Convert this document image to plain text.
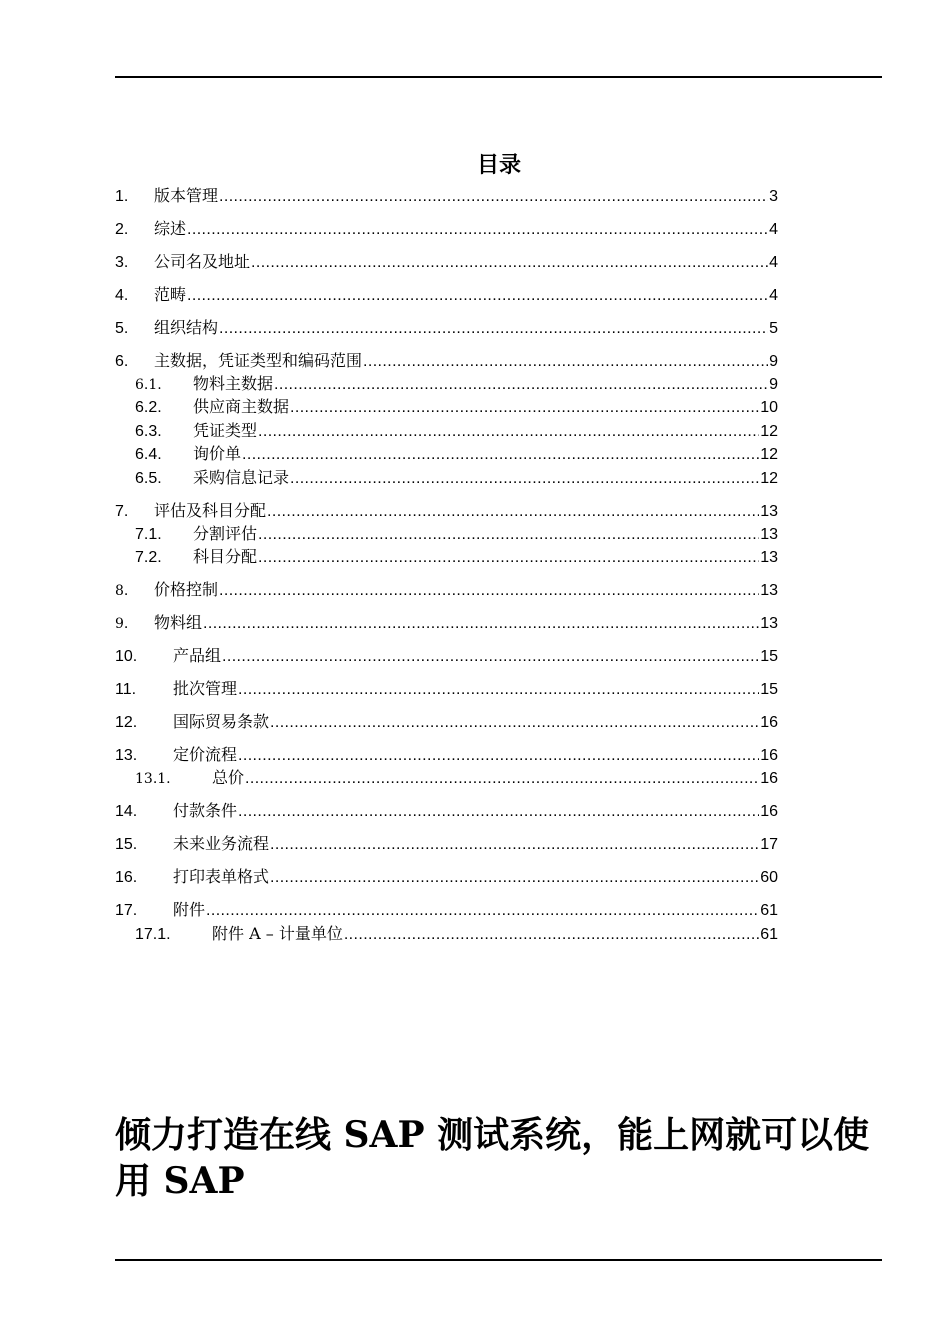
目录
1.	版本管理 .....	3
2.	综述 .....	4
3.	公司名及地址 .....	4
4.	范畴 .....	4
5.	组织结构 .....	5
6.	主数据，凭证类型和编码范围 .....	9
6.1.	物料主数据 .....	9
6.2.	供应商主数据 .....	10
6.3.	凭证类型 .....	12
6.4.	询价单 .....	12
6.5.	采购信息记录 .....	12
7.	评估及科目分配 .....	13
7.1.	分割评估 .....	13
7.2.	科目分配 .....	13
8.	价格控制 .....	13
9.	物料组 .....	13
10.	产品组 .....	15
11.	批次管理 .....	15
12.	国际贸易条款 .....	16
13.	定价流程 .....	16
13.1.	总价 .....	16
14.	付款条件 .....	16
15.	未来业务流程 .....	17
16.	打印表单格式 .....	60
17.	附件 .....	61
17.1.	附件 A – 计量单位 .....	61
倾力打造在线 SAP 测试系统，能上网就可以使用 SAP
